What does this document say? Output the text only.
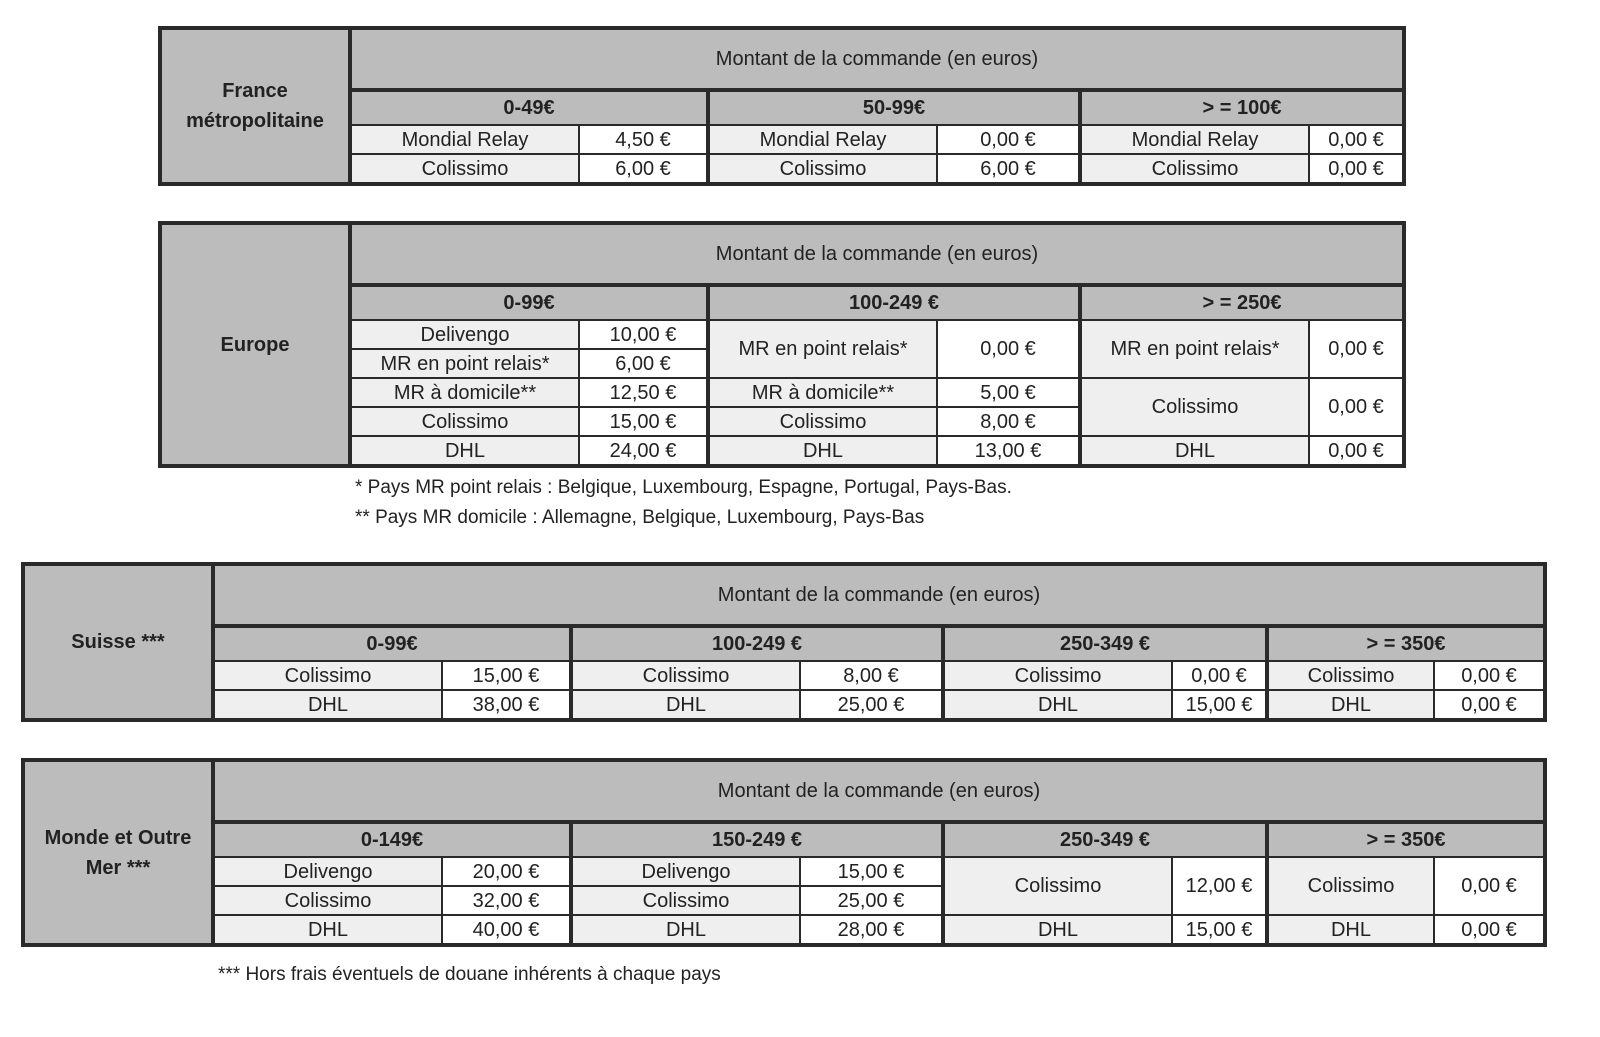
France métropolitaine	Montant de la commande (en euros)					
	0-49€		50-99€		> = 100€	
	Mondial Relay	4,50 €	Mondial Relay	0,00 €	Mondial Relay	0,00 €
	Colissimo	6,00 €	Colissimo	6,00 €	Colissimo	0,00 €
Europe	Montant de la commande (en euros)					
	0-99€		100-249 €		> = 250€	
	Delivengo	10,00 €	MR en point relais*	0,00 €	MR en point relais*	0,00 €
	MR en point relais*	6,00 €				
	MR à domicile**	12,50 €	MR à domicile**	5,00 €	Colissimo	0,00 €
	Colissimo	15,00 €	Colissimo	8,00 €		
	DHL	24,00 €	DHL	13,00 €	DHL	0,00 €
* Pays MR point relais : Belgique, Luxembourg, Espagne, Portugal, Pays-Bas.
** Pays MR domicile : Allemagne, Belgique, Luxembourg, Pays-Bas
Suisse ***	Montant de la commande (en euros)							
	0-99€		100-249 €		250-349 €		> = 350€	
	Colissimo	15,00 €	Colissimo	8,00 €	Colissimo	0,00 €	Colissimo	0,00 €
	DHL	38,00 €	DHL	25,00 €	DHL	15,00 €	DHL	0,00 €
Monde et Outre Mer ***	Montant de la commande (en euros)							
	0-149€		150-249 €		250-349 €		> = 350€	
	Delivengo	20,00 €	Delivengo	15,00 €	Colissimo	12,00 €	Colissimo	0,00 €
	Colissimo	32,00 €	Colissimo	25,00 €				
	DHL	40,00 €	DHL	28,00 €	DHL	15,00 €	DHL	0,00 €
*** Hors frais éventuels de douane inhérents à chaque pays
